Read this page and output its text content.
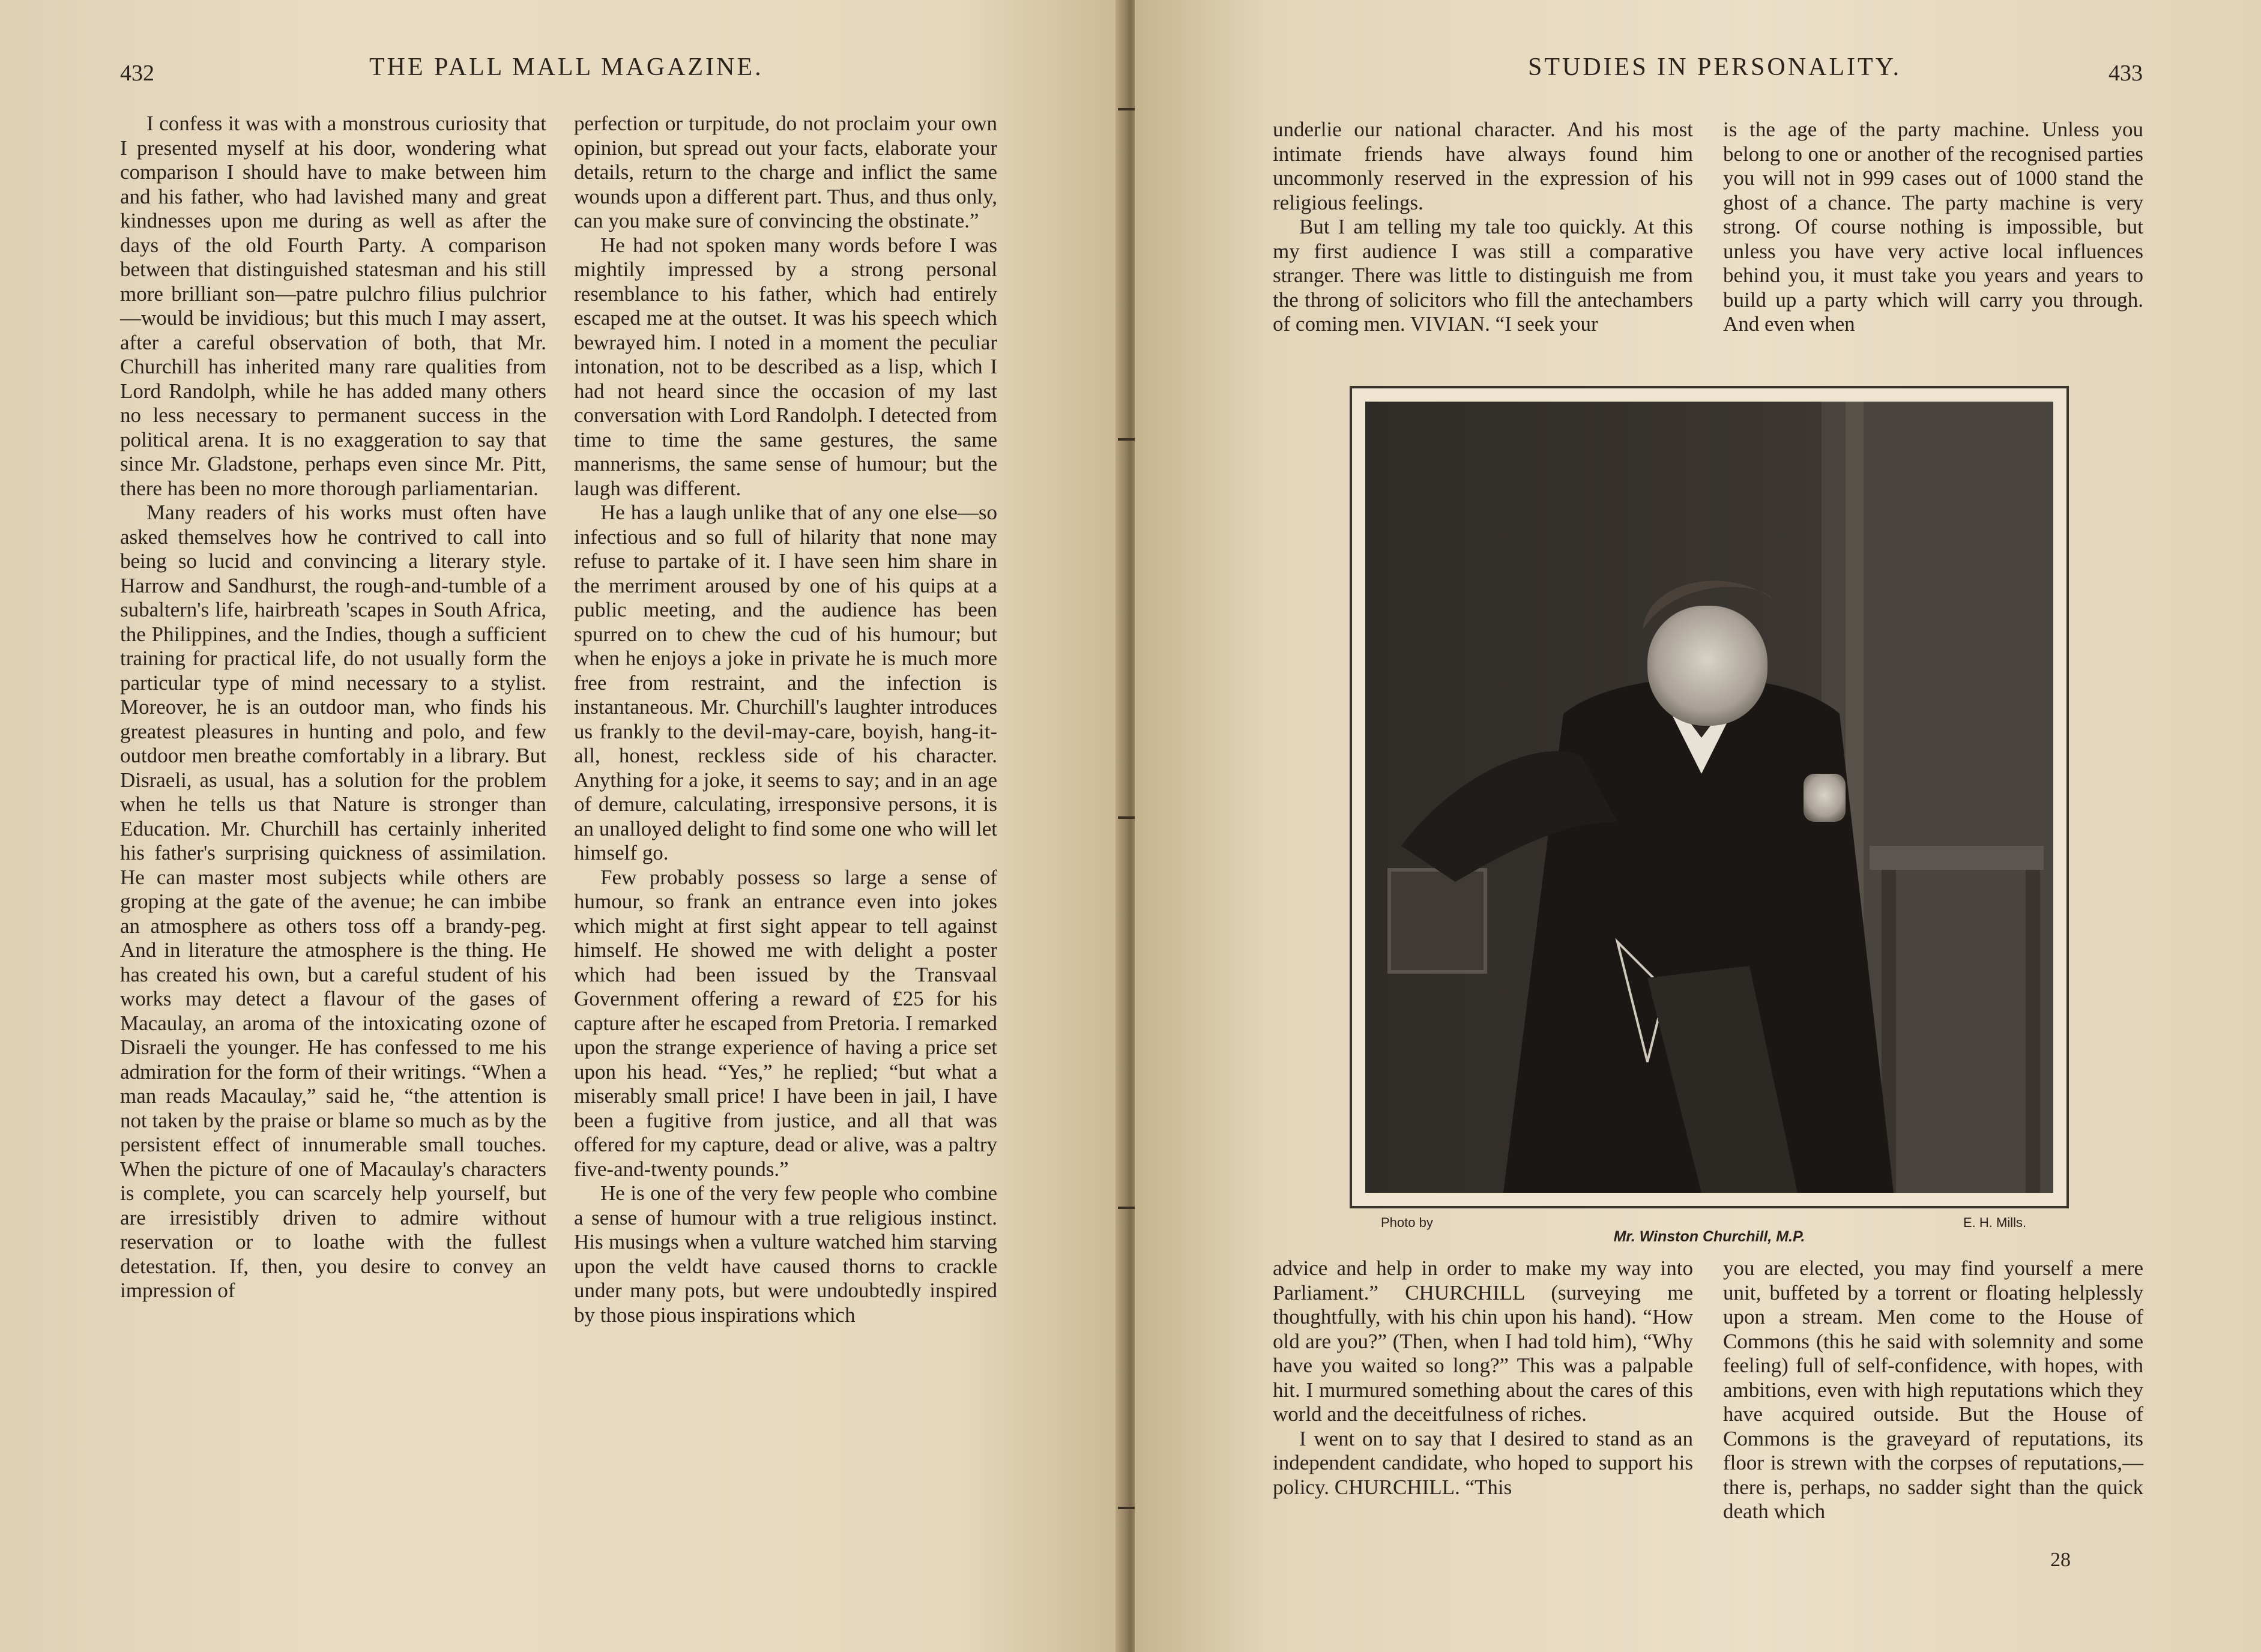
432	THE PALL MALL MAGAZINE.

I confess it was with a monstrous curiosity that I presented myself at his door, wondering what comparison I should have to make between him and his father, who had lavished many and great kindnesses upon me during as well as after the days of the old Fourth Party. A comparison between that distinguished statesman and his still more brilliant son—patre pulchro filius pulchrior—would be invidious; but this much I may assert, after a careful observation of both, that Mr. Churchill has inherited many rare qualities from Lord Randolph, while he has added many others no less necessary to permanent success in the political arena. It is no exaggeration to say that since Mr. Gladstone, perhaps even since Mr. Pitt, there has been no more thorough parliamentarian.

Many readers of his works must often have asked themselves how he contrived to call into being so lucid and convincing a literary style. Harrow and Sandhurst, the rough-and-tumble of a subaltern's life, hairbreath 'scapes in South Africa, the Philippines, and the Indies, though a sufficient training for practical life, do not usually form the particular type of mind necessary to a stylist. Moreover, he is an outdoor man, who finds his greatest pleasures in hunting and polo, and few outdoor men breathe comfortably in a library. But Disraeli, as usual, has a solution for the problem when he tells us that Nature is stronger than Education. Mr. Churchill has certainly inherited his father's surprising quickness of assimilation. He can master most subjects while others are groping at the gate of the avenue; he can imbibe an atmosphere as others toss off a brandy-peg. And in literature the atmosphere is the thing. He has created his own, but a careful student of his works may detect a flavour of the gases of Macaulay, an aroma of the intoxicating ozone of Disraeli the younger. He has confessed to me his admiration for the form of their writings. “When a man reads Macaulay,” said he, “the attention is not taken by the praise or blame so much as by the persistent effect of innumerable small touches. When the picture of one of Macaulay's characters is complete, you can scarcely help yourself, but are irresistibly driven to admire without reservation or to loathe with the fullest detestation. If, then, you desire to convey an impression of

perfection or turpitude, do not proclaim your own opinion, but spread out your facts, elaborate your details, return to the charge and inflict the same wounds upon a different part. Thus, and thus only, can you make sure of convincing the obstinate.”

He had not spoken many words before I was mightily impressed by a strong personal resemblance to his father, which had entirely escaped me at the outset. It was his speech which bewrayed him. I noted in a moment the peculiar intonation, not to be described as a lisp, which I had not heard since the occasion of my last conversation with Lord Randolph. I detected from time to time the same gestures, the same mannerisms, the same sense of humour; but the laugh was different.

He has a laugh unlike that of any one else—so infectious and so full of hilarity that none may refuse to partake of it. I have seen him share in the merriment aroused by one of his quips at a public meeting, and the audience has been spurred on to chew the cud of his humour; but when he enjoys a joke in private he is much more free from restraint, and the infection is instantaneous. Mr. Churchill's laughter introduces us frankly to the devil-may-care, boyish, hang-it-all, honest, reckless side of his character. Anything for a joke, it seems to say; and in an age of demure, calculating, irresponsive persons, it is an unalloyed delight to find some one who will let himself go.

Few probably possess so large a sense of humour, so frank an entrance even into jokes which might at first sight appear to tell against himself. He showed me with delight a poster which had been issued by the Transvaal Government offering a reward of £25 for his capture after he escaped from Pretoria. I remarked upon the strange experience of having a price set upon his head. “Yes,” he replied; “but what a miserably small price! I have been in jail, I have been a fugitive from justice, and all that was offered for my capture, dead or alive, was a paltry five-and-twenty pounds.”

He is one of the very few people who combine a sense of humour with a true religious instinct. His musings when a vulture watched him starving upon the veldt have caused thorns to crackle under many pots, but were undoubtedly inspired by those pious inspirations which

STUDIES IN PERSONALITY.	433

underlie our national character. And his most intimate friends have always found him uncommonly reserved in the expression of his religious feelings.

But I am telling my tale too quickly. At this my first audience I was still a comparative stranger. There was little to distinguish me from the throng of solicitors who fill the antechambers of coming men. VIVIAN. “I seek your

is the age of the party machine. Unless you belong to one or another of the recognised parties you will not in 999 cases out of 1000 stand the ghost of a chance. The party machine is very strong. Of course nothing is impossible, but unless you have very active local influences behind you, it must take you years and years to build up a party which will carry you through. And even when

advice and help in order to make my way into Parliament.” CHURCHILL (surveying me thoughtfully, with his chin upon his hand). “How old are you?” (Then, when I had told him), “Why have you waited so long?” This was a palpable hit. I murmured something about the cares of this world and the deceitfulness of riches.

I went on to say that I desired to stand as an independent candidate, who hoped to support his policy. CHURCHILL. “This

you are elected, you may find yourself a mere unit, buffeted by a torrent or floating helplessly upon a stream. Men come to the House of Commons (this he said with solemnity and some feeling) full of self-confidence, with hopes, with ambitions, even with high reputations which they have acquired outside. But the House of Commons is the graveyard of reputations, its floor is strewn with the corpses of reputations,—there is, perhaps, no sadder sight than the quick death which

28
Photo by	E. H. Mills.
Mr. Winston Churchill, M.P.
